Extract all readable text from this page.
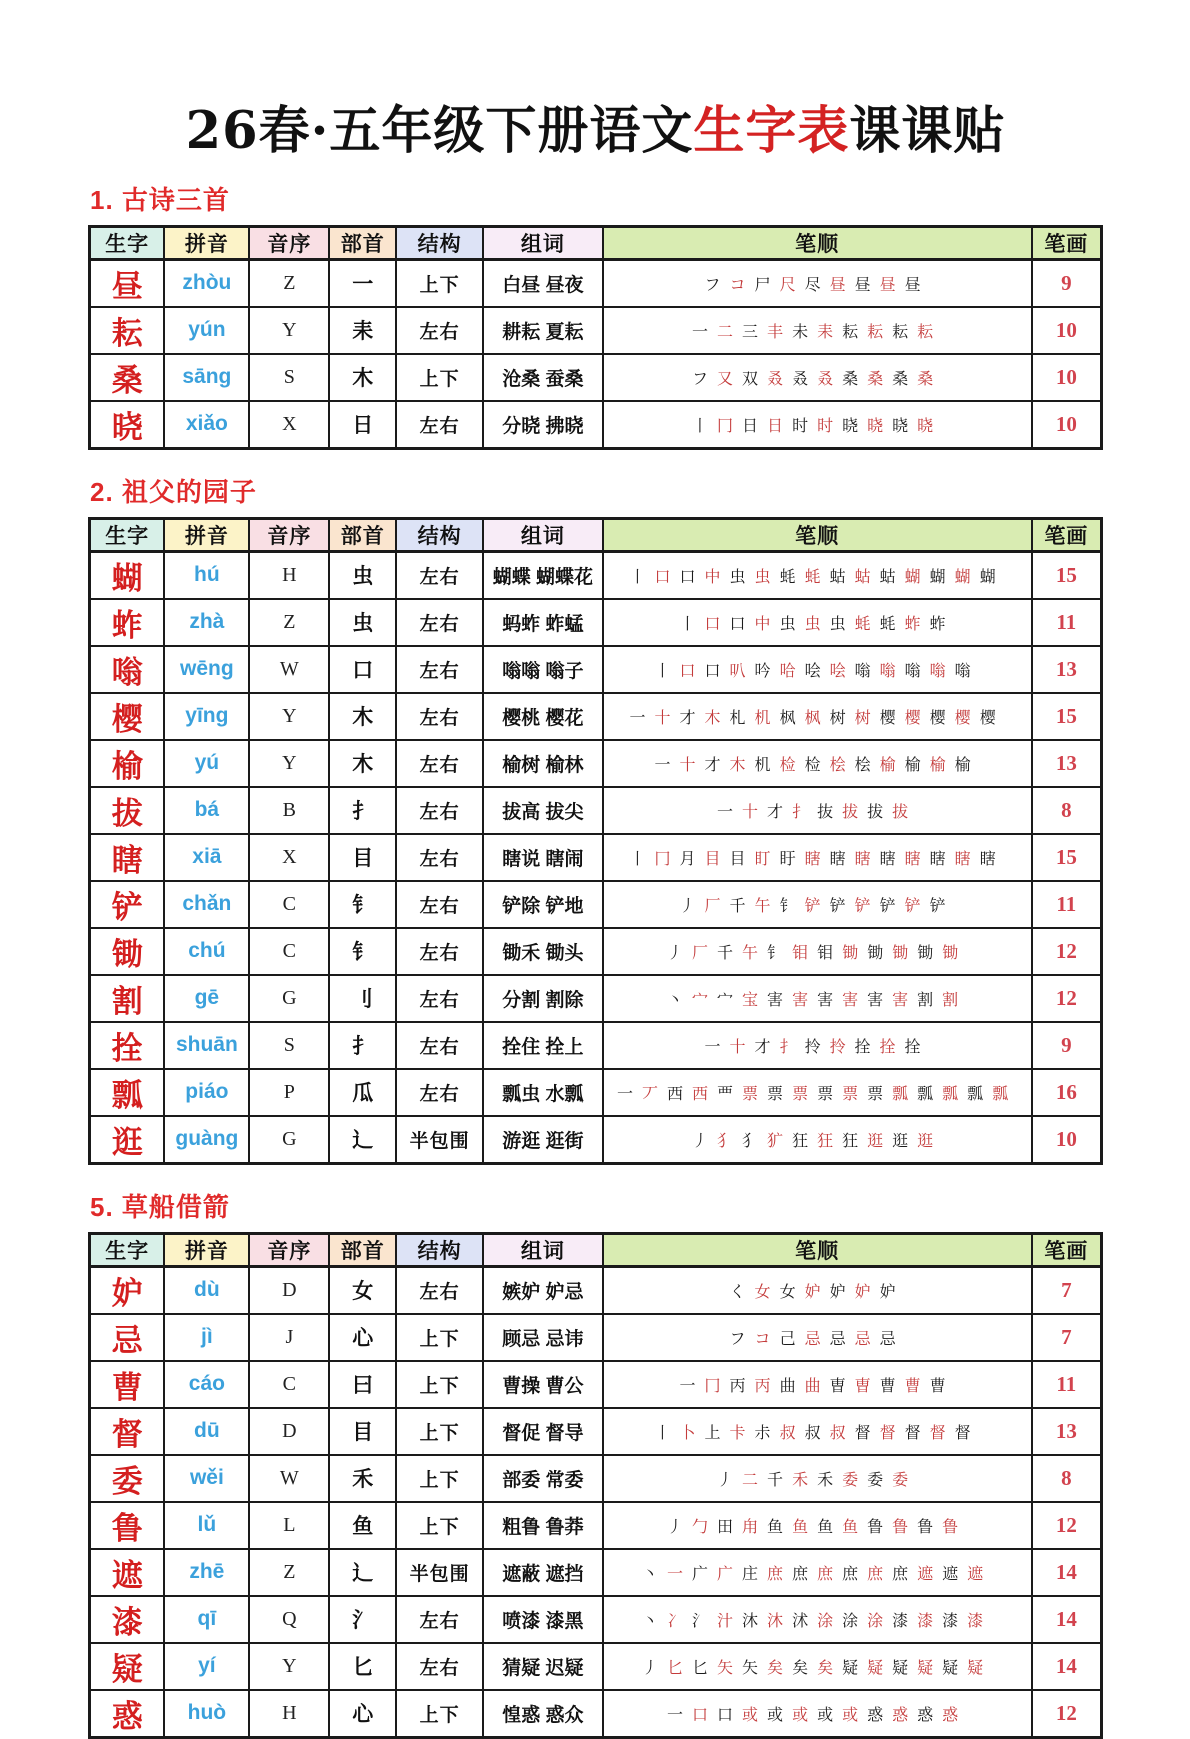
26春·五年级下册语文生字表课课贴
1. 古诗三首
生字	拼音	音序	部首	结构	组词	笔顺	笔画
昼	zhòu	Z	一	上下	白昼 昼夜	フ コ 尸 尺 尽 昼 昼 昼 昼	9
耘	yún	Y	耒	左右	耕耘 夏耘	一 二 三 丰 未 耒 耘 耘 耘 耘	10
桑	sāng	S	木	上下	沧桑 蚕桑	フ 又 双 叒 叒 叒 桑 桑 桑 桑	10
晓	xiǎo	X	日	左右	分晓 拂晓	丨 冂 日 日 时 时 晓 晓 晓 晓	10
2. 祖父的园子
生字	拼音	音序	部首	结构	组词	笔顺	笔画
蝴	hú	H	虫	左右	蝴蝶 蝴蝶花	丨 口 口 中 虫 虫 蚝 蚝 蛄 蛄 蛄 蝴 蝴 蝴 蝴	15
蚱	zhà	Z	虫	左右	蚂蚱 蚱蜢	丨 口 口 中 虫 虫 虫 蚝 蚝 蚱 蚱	11
嗡	wēng	W	口	左右	嗡嗡 嗡子	丨 口 口 叭 吟 哈 哙 哙 嗡 嗡 嗡 嗡 嗡	13
樱	yīng	Y	木	左右	樱桃 樱花	一 十 才 木 札 机 枫 枫 树 树 樱 樱 樱 樱 樱	15
榆	yú	Y	木	左右	榆树 榆林	一 十 才 木 机 检 检 桧 桧 榆 榆 榆 榆	13
拔	bá	B	扌	左右	拔高 拔尖	一 十 才 扌 抜 拔 拔 拔	8
瞎	xiā	X	目	左右	瞎说 瞎闹	丨 冂 月 目 目 盯 盱 瞎 瞎 瞎 瞎 瞎 瞎 瞎 瞎	15
铲	chǎn	C	钅	左右	铲除 铲地	丿 厂 千 午 钅 铲 铲 铲 铲 铲 铲	11
锄	chú	C	钅	左右	锄禾 锄头	丿 厂 千 午 钅 钼 钼 锄 锄 锄 锄 锄	12
割	gē	G	刂	左右	分割 割除	丶 宀 宀 宝 害 害 害 害 害 害 割 割	12
拴	shuān	S	扌	左右	拴住 拴上	一 十 才 扌 拎 拎 拴 拴 拴	9
瓢	piáo	P	瓜	左右	瓢虫 水瓢	一 丆 西 西 覀 票 票 票 票 票 票 瓢 瓢 瓢 瓢 瓢	16
逛	guàng	G	辶	半包围	游逛 逛街	丿 犭 犭 犷 狂 狂 狂 逛 逛 逛	10
5. 草船借箭
生字	拼音	音序	部首	结构	组词	笔顺	笔画
妒	dù	D	女	左右	嫉妒 妒忌	く 女 女 妒 妒 妒 妒	7
忌	jì	J	心	上下	顾忌 忌讳	フ コ 己 忌 忌 忌 忌	7
曹	cáo	C	曰	上下	曹操 曹公	一 冂 丙 丙 曲 曲 曺 曺 曹 曹 曹	11
督	dū	D	目	上下	督促 督导	丨 卜 上 卡 尗 叔 叔 叔 督 督 督 督 督	13
委	wěi	W	禾	上下	部委 常委	丿 二 千 禾 禾 委 委 委	8
鲁	lǔ	L	鱼	上下	粗鲁 鲁莽	丿 勹 田 甪 鱼 鱼 鱼 鱼 鲁 鲁 鲁 鲁	12
遮	zhē	Z	辶	半包围	遮蔽 遮挡	丶 一 广 广 庄 庶 庶 庶 庶 庶 庶 遮 遮 遮	14
漆	qī	Q	氵	左右	喷漆 漆黑	丶 冫 氵 汁 沐 沐 沭 涂 涂 涂 漆 漆 漆 漆	14
疑	yí	Y	匕	左右	猜疑 迟疑	丿 匕 匕 矢 矢 矣 矣 矣 疑 疑 疑 疑 疑 疑	14
惑	huò	H	心	上下	惶惑 惑众	一 口 口 或 或 或 或 或 惑 惑 惑 惑	12
